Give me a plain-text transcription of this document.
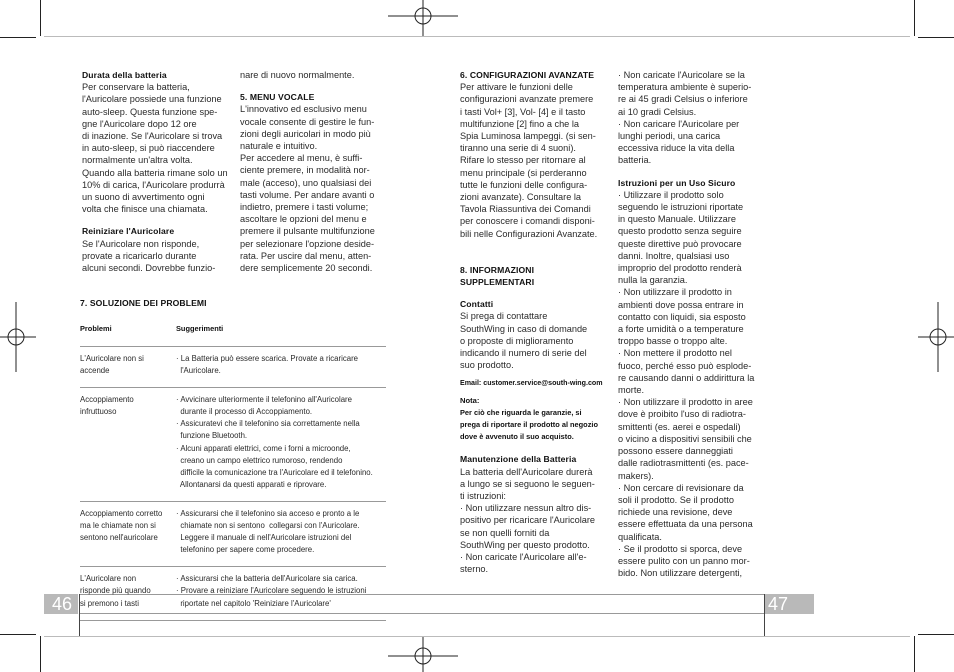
46	47

Durata della batteria

Per conservare la batteria,
l'Auricolare possiede una funzione
auto-sleep. Questa funzione spe-
gne l'Auricolare dopo 12 ore
di inazione. Se l'Auricolare si trova
in auto-sleep, si può riaccendere
normalmente un'altra volta.
Quando alla batteria rimane solo un
10% di carica, l'Auricolare produrrà
un suono di avvertimento ogni
volta che finisce una chiamata.

Reiniziare l'Auricolare

Se l'Auricolare non risponde,
provate a ricaricarlo durante
alcuni secondi. Dovrebbe funzio-

nare di nuovo normalmente.

5. MENU VOCALE

L'innovativo ed esclusivo menu
vocale consente di gestire le fun-
zioni degli auricolari in modo più
naturale e intuitivo.
Per accedere al menu, è suffi-
ciente premere, in modalità nor-
male (acceso), uno qualsiasi dei
tasti volume. Per andare avanti o
indietro, premere i tasti volume;
ascoltare le opzioni del menu e
premere il pulsante multifunzione
per selezionare l'opzione deside-
rata. Per uscire dal menu, atten-
dere semplicemente 20 secondi.

7. SOLUZIONE DEI PROBLEMI

Problemi	Suggerimenti
L'Auricolare non si
accende
· La Batteria può essere scarica. Provate a ricaricare
l'Auricolare.
Accoppiamento
infruttuoso
· Avvicinare ulteriormente il telefonino all'Auricolare
durante il processo di Accoppiamento.
· Assicuratevi che il telefonino sia correttamente nella
funzione Bluetooth.
· Alcuni apparati elettrici, come i forni a microonde,
creano un campo elettrico rumoroso, rendendo
difficile la comunicazione tra l'Auricolare ed il telefonino.
Allontanarsi da questi apparati e riprovare.
Accoppiamento corretto
ma le chiamate non si
sentono nell'auricolare
· Assicurarsi che il telefonino sia acceso e pronto a le
chiamate non si sentono  collegarsi con l'Auricolare.
Leggere il manuale di nell'Auricolare istruzioni del
telefonino per sapere come procedere.
L'Auricolare non
risponde più quando
si premono i tasti
· Assicurarsi che la batteria dell'Auricolare sia carica.
· Provare a reiniziare l'Auricolare seguendo le istruzioni
riportate nel capitolo 'Reiniziare l'Auricolare'

6. CONFIGURAZIONI AVANZATE

Per attivare le funzioni delle
configurazioni avanzate premere
i tasti Vol+ [3], Vol- [4] e il tasto
multifunzione [2] fino a che la
Spia Luminosa lampeggi. (si sen-
tiranno una serie di 4 suoni).
Rifare lo stesso per ritornare al
menu principale (si perderanno
tutte le funzioni delle configura-
zioni avanzate). Consultare la
Tavola Riassuntiva dei Comandi
per conoscere i comandi disponi-
bili nelle Configurazioni Avanzate.

8. INFORMAZIONI SUPPLEMENTARI

Contatti

Si prega di contattare
SouthWing in caso di domande
o proposte di miglioramento
indicando il numero di serie del
suo prodotto.

Email: customer.service@south-wing.com

Nota:

Per ciò che riguarda le garanzie, si
prega di riportare il prodotto al negozio
dove è avvenuto il suo acquisto.

Manutenzione della Batteria

La batteria dell'Auricolare durerà
a lungo se si seguono le seguen-
ti istruzioni:
· Non utilizzare nessun altro dis-
positivo per ricaricare l'Auricolare
se non quelli forniti da
SouthWing per questo prodotto.
· Non caricate l'Auricolare all'e-
sterno.
· Non caricate l'Auricolare se la
temperatura ambiente è superio-
re ai 45 gradi Celsius o inferiore
ai 10 gradi Celsius.
· Non caricare l'Auricolare per
lunghi periodi, una carica
eccessiva riduce la vita della
batteria.

Istruzioni per un Uso Sicuro

· Utilizzare il prodotto solo
seguendo le istruzioni riportate
in questo Manuale. Utilizzare
questo prodotto senza seguire
queste direttive può provocare
danni. Inoltre, qualsiasi uso
improprio del prodotto renderà
nulla la garanzia.
· Non utilizzare il prodotto in
ambienti dove possa entrare in
contatto con liquidi, sia esposto
a forte umidità o a temperature
troppo basse o troppo alte.
· Non mettere il prodotto nel
fuoco, perché esso può esplode-
re causando danni o addirittura la
morte.
· Non utilizzare il prodotto in aree
dove è proibito l'uso di radiotra-
smittenti (es. aerei e ospedali)
o vicino a dispositivi sensibili che
possono essere danneggiati
dalle radiotrasmittenti (es. pace-
makers).
· Non cercare di revisionare da
soli il prodotto. Se il prodotto
richiede una revisione, deve
essere effettuata da una persona
qualificata.
· Se il prodotto si sporca, deve
essere pulito con un panno mor-
bido. Non utilizzare detergenti,
